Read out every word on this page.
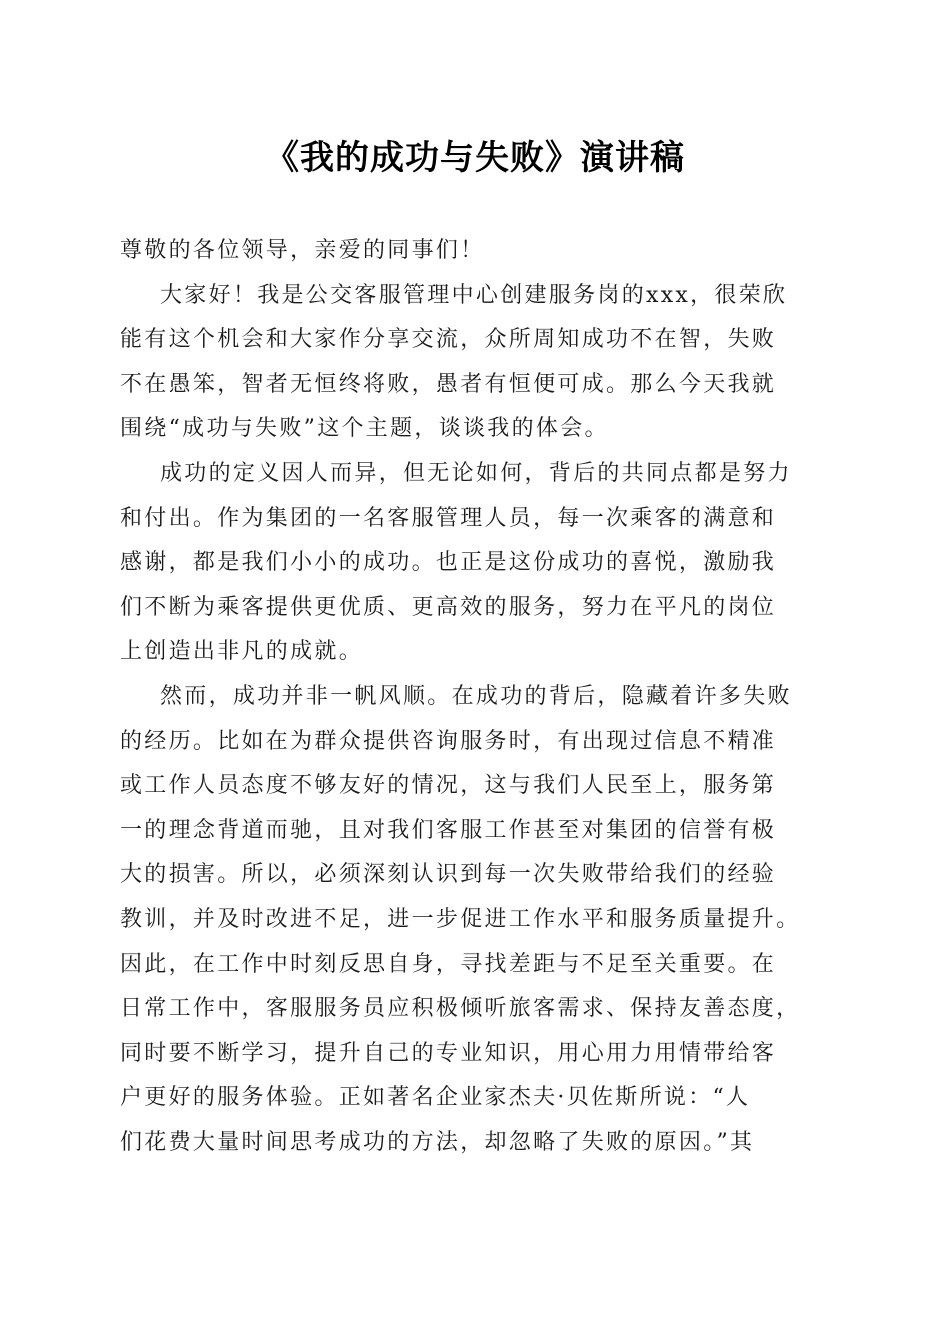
《我的成功与失败》演讲稿
尊敬的各位领导，亲爱的同事们！
大家好！我是公交客服管理中心创建服务岗的xxx，很荣欣
能有这个机会和大家作分享交流，众所周知成功不在智，失败
不在愚笨，智者无恒终将败，愚者有恒便可成。那么今天我就
围绕“成功与失败”这个主题，谈谈我的体会。
成功的定义因人而异，但无论如何，背后的共同点都是努力
和付出。作为集团的一名客服管理人员，每一次乘客的满意和
感谢，都是我们小小的成功。也正是这份成功的喜悦，激励我
们不断为乘客提供更优质、更高效的服务，努力在平凡的岗位
上创造出非凡的成就。
然而，成功并非一帆风顺。在成功的背后，隐藏着许多失败
的经历。比如在为群众提供咨询服务时，有出现过信息不精准
或工作人员态度不够友好的情况，这与我们人民至上，服务第
一的理念背道而驰，且对我们客服工作甚至对集团的信誉有极
大的损害。所以，必须深刻认识到每一次失败带给我们的经验
教训，并及时改进不足，进一步促进工作水平和服务质量提升。
因此，在工作中时刻反思自身，寻找差距与不足至关重要。在
日常工作中，客服服务员应积极倾听旅客需求、保持友善态度，
同时要不断学习，提升自己的专业知识，用心用力用情带给客
户更好的服务体验。正如著名企业家杰夫·贝佐斯所说：“人
们花费大量时间思考成功的方法，却忽略了失败的原因。”其
